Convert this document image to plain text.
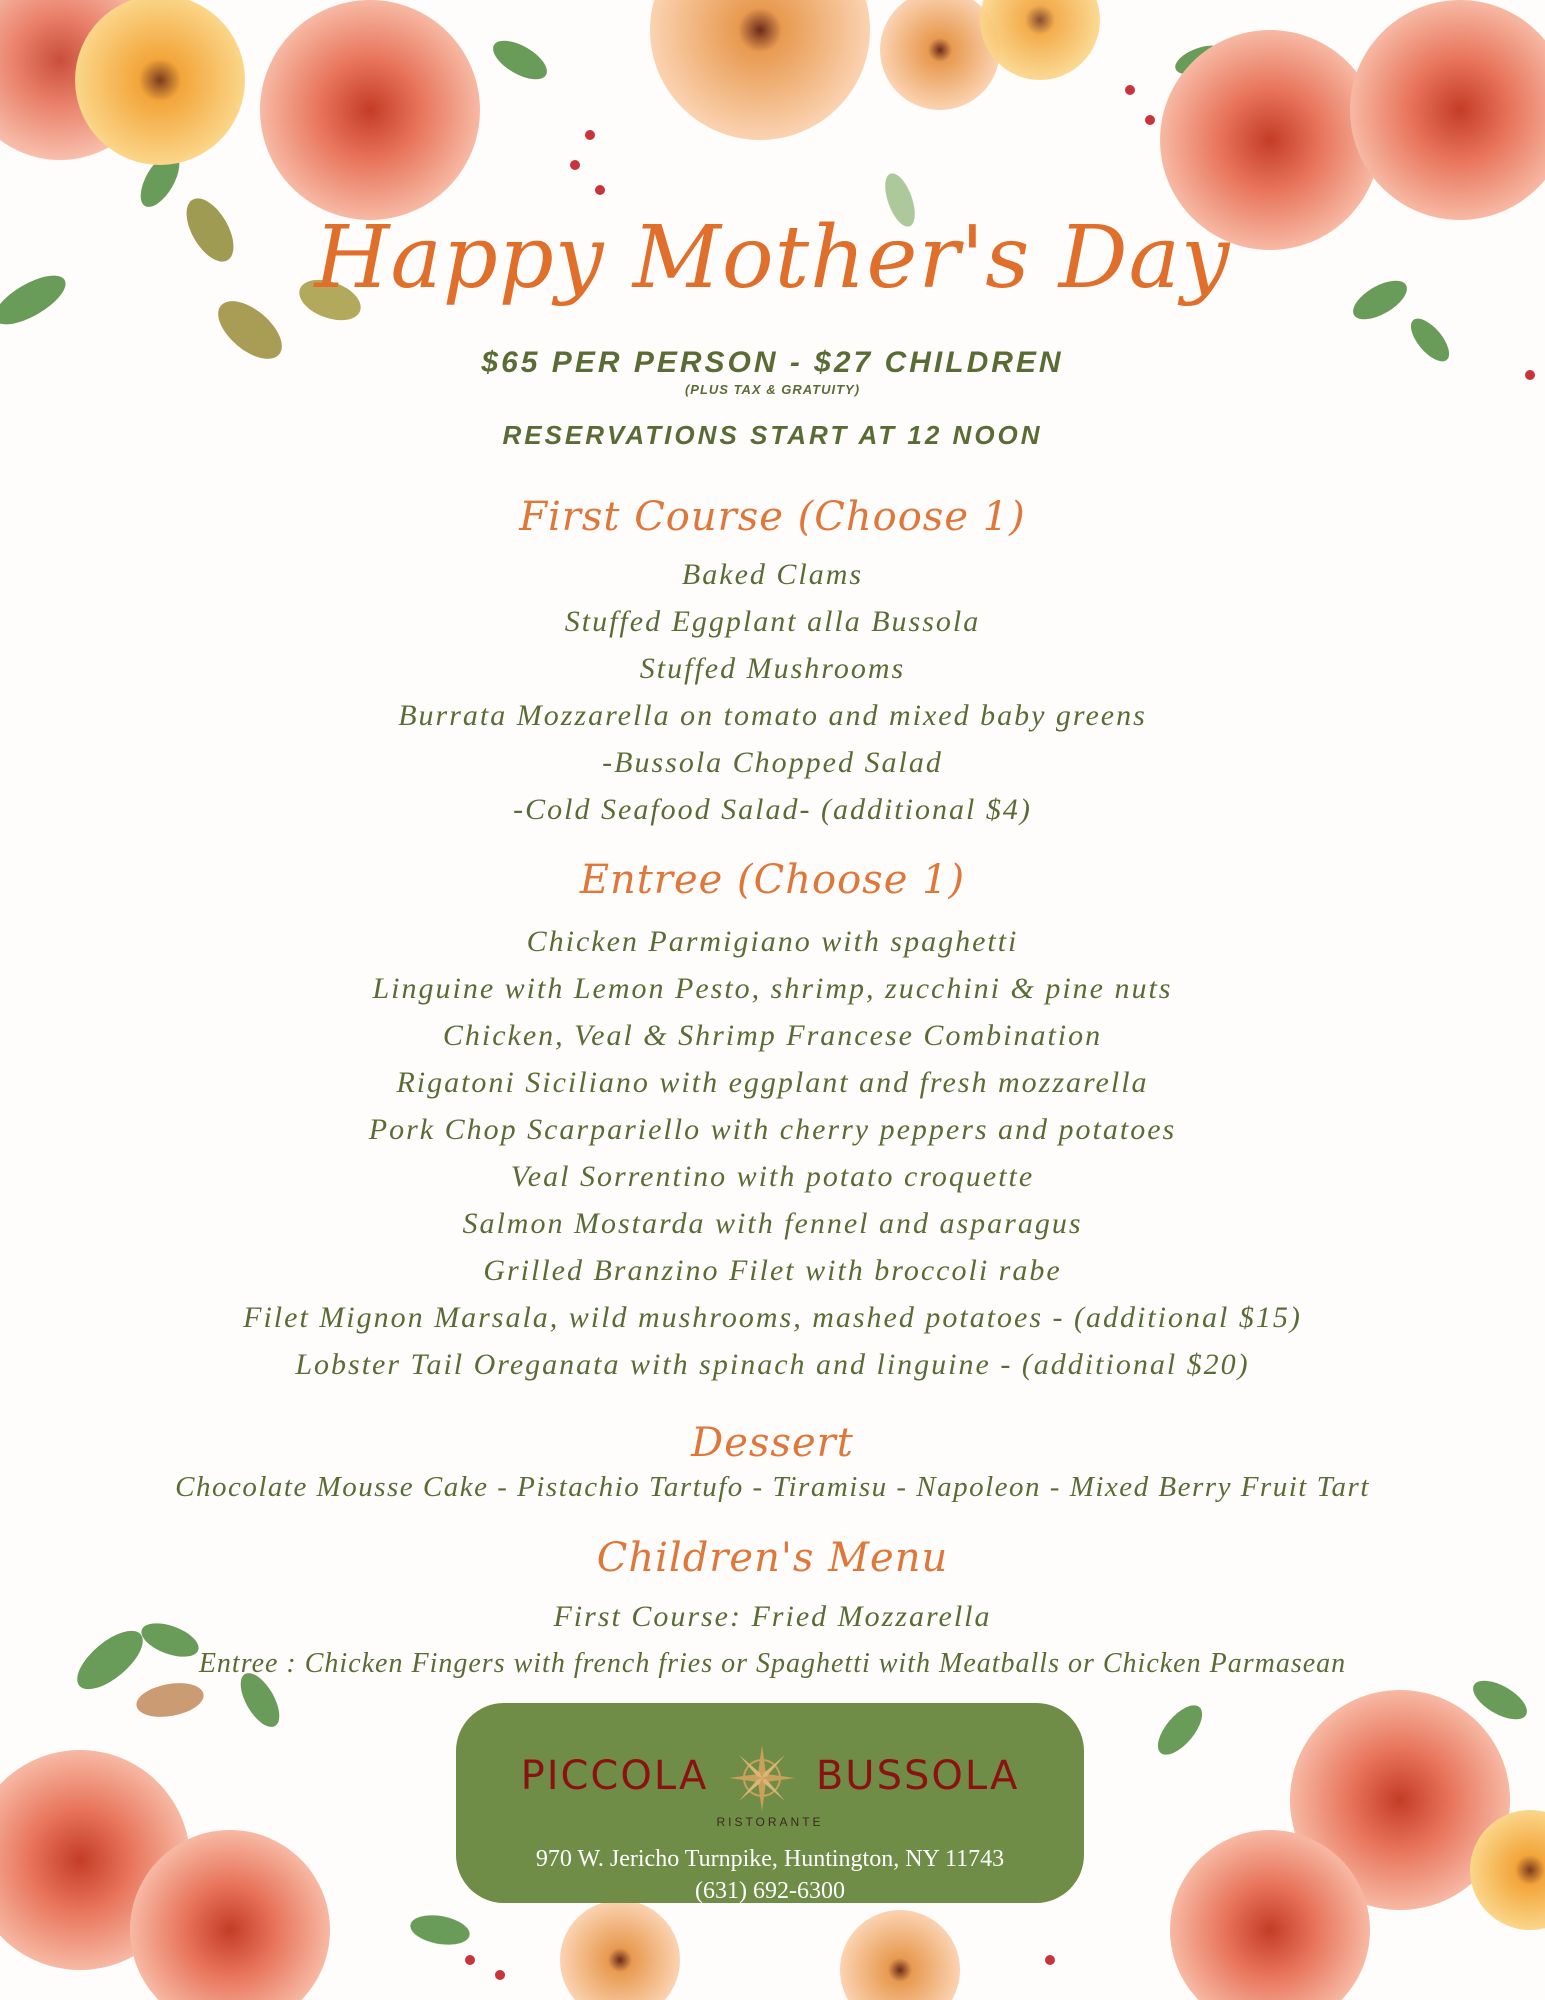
Happy Mother's Day
$65 PER PERSON - $27 CHILDREN
(PLUS TAX & GRATUITY)
RESERVATIONS START AT 12 NOON
First Course (Choose 1)
Baked Clams
Stuffed Eggplant alla Bussola
Stuffed Mushrooms
Burrata Mozzarella on tomato and mixed baby greens
-Bussola Chopped Salad
-Cold Seafood Salad- (additional $4)
Entree (Choose 1)
Chicken Parmigiano with spaghetti
Linguine with Lemon Pesto, shrimp, zucchini & pine nuts
Chicken, Veal & Shrimp Francese Combination
Rigatoni Siciliano with eggplant and fresh mozzarella
Pork Chop Scarpariello with cherry peppers and potatoes
Veal Sorrentino with potato croquette
Salmon Mostarda with fennel and asparagus
Grilled Branzino Filet with broccoli rabe
Filet Mignon Marsala, wild mushrooms, mashed potatoes - (additional $15)
Lobster Tail Oreganata with spinach and linguine - (additional $20)
Dessert
Chocolate Mousse Cake - Pistachio Tartufo - Tiramisu - Napoleon - Mixed Berry Fruit Tart
Children's Menu
First Course: Fried Mozzarella
Entree : Chicken Fingers with french fries or Spaghetti with Meatballs or Chicken Parmasean
PICCOLA	BUSSOLA
RISTORANTE
970 W. Jericho Turnpike, Huntington, NY 11743
(631) 692-6300
